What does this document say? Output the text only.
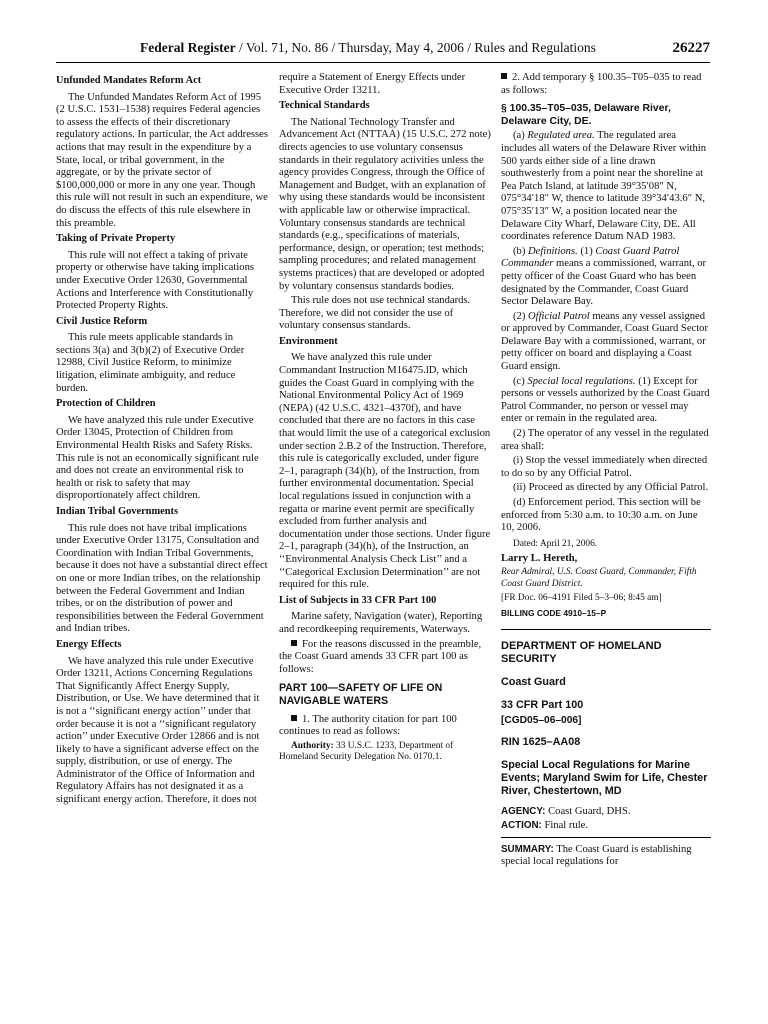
Federal Register / Vol. 71, No. 86 / Thursday, May 4, 2006 / Rules and Regulations	26227
Unfunded Mandates Reform Act

The Unfunded Mandates Reform Act of 1995 (2 U.S.C. 1531–1538) requires Federal agencies to assess the effects of their discretionary regulatory actions. In particular, the Act addresses actions that may result in the expenditure by a State, local, or tribal government, in the aggregate, or by the private sector of $100,000,000 or more in any one year. Though this rule will not result in such an expenditure, we do discuss the effects of this rule elsewhere in this preamble.

Taking of Private Property

This rule will not effect a taking of private property or otherwise have taking implications under Executive Order 12630, Governmental Actions and Interference with Constitutionally Protected Property Rights.

Civil Justice Reform

This rule meets applicable standards in sections 3(a) and 3(b)(2) of Executive Order 12988, Civil Justice Reform, to minimize litigation, eliminate ambiguity, and reduce burden.

Protection of Children

We have analyzed this rule under Executive Order 13045, Protection of Children from Environmental Health Risks and Safety Risks. This rule is not an economically significant rule and does not create an environmental risk to health or risk to safety that may disproportionately affect children.

Indian Tribal Governments

This rule does not have tribal implications under Executive Order 13175, Consultation and Coordination with Indian Tribal Governments, because it does not have a substantial direct effect on one or more Indian tribes, on the relationship between the Federal Government and Indian tribes, or on the distribution of power and responsibilities between the Federal Government and Indian tribes.

Energy Effects

We have analyzed this rule under Executive Order 13211, Actions Concerning Regulations That Significantly Affect Energy Supply, Distribution, or Use. We have determined that it is not a ‘‘significant energy action’’ under that order because it is not a ‘‘significant regulatory action’’ under Executive Order 12866 and is not likely to have a significant adverse effect on the supply, distribution, or use of energy. The Administrator of the Office of Information and Regulatory Affairs has not designated it as a significant energy action. Therefore, it does not

require a Statement of Energy Effects under Executive Order 13211.

Technical Standards

The National Technology Transfer and Advancement Act (NTTAA) (15 U.S.C. 272 note) directs agencies to use voluntary consensus standards in their regulatory activities unless the agency provides Congress, through the Office of Management and Budget, with an explanation of why using these standards would be inconsistent with applicable law or otherwise impractical. Voluntary consensus standards are technical standards (e.g., specifications of materials, performance, design, or operation; test methods; sampling procedures; and related management systems practices) that are developed or adopted by voluntary consensus standards bodies.

This rule does not use technical standards. Therefore, we did not consider the use of voluntary consensus standards.

Environment

We have analyzed this rule under Commandant Instruction M16475.lD, which guides the Coast Guard in complying with the National Environmental Policy Act of 1969 (NEPA) (42 U.S.C. 4321–4370f), and have concluded that there are no factors in this case that would limit the use of a categorical exclusion under section 2.B.2 of the Instruction. Therefore, this rule is categorically excluded, under figure 2–1, paragraph (34)(h), of the Instruction, from further environmental documentation. Special local regulations issued in conjunction with a regatta or marine event permit are specifically excluded from further analysis and documentation under those sections. Under figure 2–1, paragraph (34)(h), of the Instruction, an ‘‘Environmental Analysis Check List’’ and a ‘‘Categorical Exclusion Determination’’ are not required for this rule.

List of Subjects in 33 CFR Part 100

Marine safety, Navigation (water), Reporting and recordkeeping requirements, Waterways.

For the reasons discussed in the preamble, the Coast Guard amends 33 CFR part 100 as follows:

PART 100—SAFETY OF LIFE ON NAVIGABLE WATERS

1. The authority citation for part 100 continues to read as follows:

Authority: 33 U.S.C. 1233, Department of Homeland Security Delegation No. 0170.1.

2. Add temporary § 100.35–T05–035 to read as follows:

§ 100.35–T05–035, Delaware River, Delaware City, DE.

(a) Regulated area. The regulated area includes all waters of the Delaware River within 500 yards either side of a line drawn southwesterly from a point near the shoreline at Pea Patch Island, at latitude 39°35′08″ N, 075°34′18″ W, thence to latitude 39°34′43.6″ N, 075°35′13″ W, a position located near the Delaware City Wharf, Delaware City, DE. All coordinates reference Datum NAD 1983.

(b) Definitions. (1) Coast Guard Patrol Commander means a commissioned, warrant, or petty officer of the Coast Guard who has been designated by the Commander, Coast Guard Sector Delaware Bay.

(2) Official Patrol means any vessel assigned or approved by Commander, Coast Guard Sector Delaware Bay with a commissioned, warrant, or petty officer on board and displaying a Coast Guard ensign.

(c) Special local regulations. (1) Except for persons or vessels authorized by the Coast Guard Patrol Commander, no person or vessel may enter or remain in the regulated area.

(2) The operator of any vessel in the regulated area shall:

(i) Stop the vessel immediately when directed to do so by any Official Patrol.

(ii) Proceed as directed by any Official Patrol.

(d) Enforcement period. This section will be enforced from 5:30 a.m. to 10:30 a.m. on June 10, 2006.

Dated: April 21, 2006.

Larry L. Hereth,

Rear Admiral, U.S. Coast Guard, Commander, Fifth Coast Guard District.

[FR Doc. 06–4191 Filed 5–3–06; 8:45 am]

BILLING CODE 4910–15–P
DEPARTMENT OF HOMELAND SECURITY
Coast Guard
33 CFR Part 100
[CGD05–06–006]
RIN 1625–AA08
Special Local Regulations for Marine Events; Maryland Swim for Life, Chester River, Chestertown, MD

AGENCY: Coast Guard, DHS.

ACTION: Final rule.

SUMMARY: The Coast Guard is establishing special local regulations for
